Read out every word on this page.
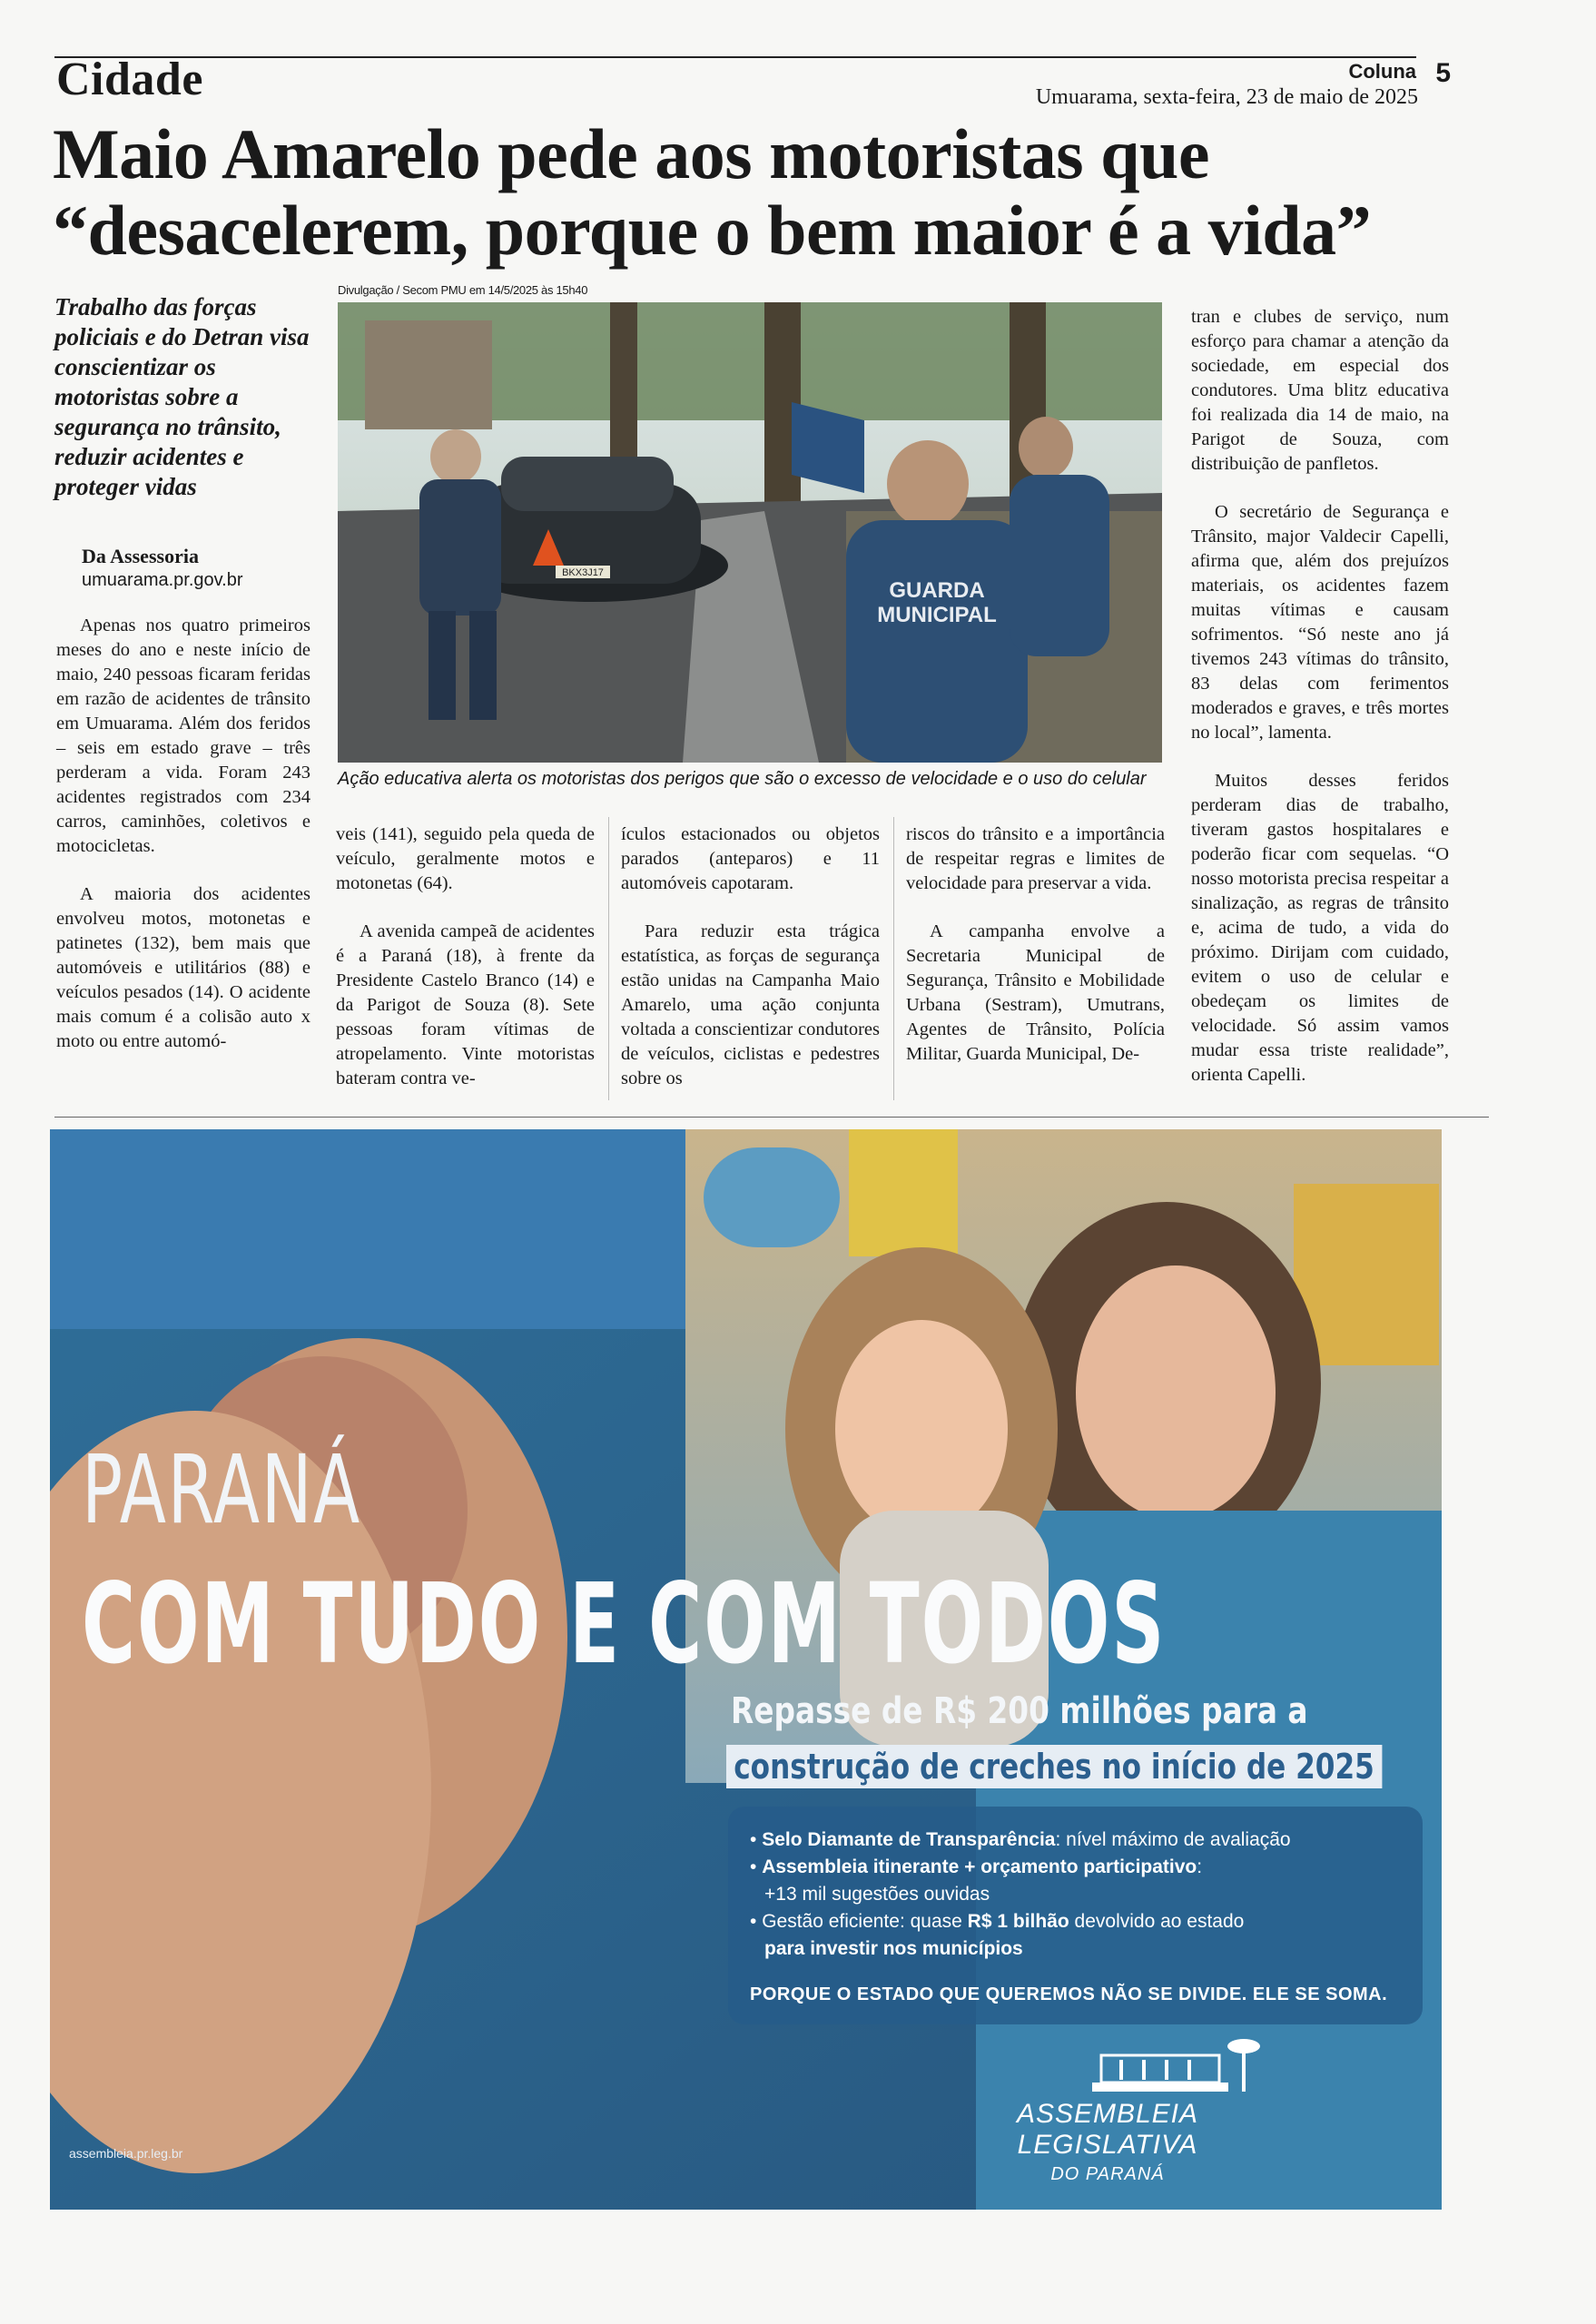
Cidade	Coluna 5
Umuarama, sexta-feira, 23 de maio de 2025
Maio Amarelo pede aos motoristas que
“desacelerem, porque o bem maior é a vida”
Trabalho das forças policiais e do Detran visa conscientizar os motoristas sobre a segurança no trânsito, reduzir acidentes e proteger vidas
Da Assessoria
umuarama.pr.gov.br

Apenas nos quatro primeiros meses do ano e neste início de maio, 240 pessoas ficaram feridas em razão de acidentes de trânsito em Umuarama. Além dos feridos – seis em estado grave – três perderam a vida. Foram 243 acidentes registrados com 234 carros, caminhões, coletivos e motocicletas.

A maioria dos acidentes envolveu motos, motonetas e patinetes (132), bem mais que automóveis e utilitários (88) e veículos pesados (14). O acidente mais comum é a colisão auto x moto ou entre automó-

Divulgação / Secom PMU em 14/5/2025 às 15h40
GUARDA
MUNICIPAL
BKX3J17
Ação educativa alerta os motoristas dos perigos que são o excesso de velocidade e o uso do celular

veis (141), seguido pela queda de veículo, geralmente motos e motonetas (64).

A avenida campeã de acidentes é a Paraná (18), à frente da Presidente Castelo Branco (14) e da Parigot de Souza (8). Sete pessoas foram vítimas de atropelamento. Vinte motoristas bateram contra ve-

ículos estacionados ou objetos parados (anteparos) e 11 automóveis capotaram.

Para reduzir esta trágica estatística, as forças de segurança estão unidas na Campanha Maio Amarelo, uma ação conjunta voltada a conscientizar condutores de veículos, ciclistas e pedestres sobre os

riscos do trânsito e a importância de respeitar regras e limites de velocidade para preservar a vida.

A campanha envolve a Secretaria Municipal de Segurança, Trânsito e Mobilidade Urbana (Sestram), Umutrans, Agentes de Trânsito, Polícia Militar, Guarda Municipal, De-

tran e clubes de serviço, num esforço para chamar a atenção da sociedade, em especial dos condutores. Uma blitz educativa foi realizada dia 14 de maio, na Parigot de Souza, com distribuição de panfletos.

O secretário de Segurança e Trânsito, major Valdecir Capelli, afirma que, além dos prejuízos materiais, os acidentes fazem muitas vítimas e causam sofrimentos. “Só neste ano já tivemos 243 vítimas do trânsito, 83 delas com ferimentos moderados e graves, e três mortes no local”, lamenta.

Muitos desses feridos perderam dias de trabalho, tiveram gastos hospitalares e poderão ficar com sequelas. “O nosso motorista precisa respeitar a sinalização, as regras de trânsito e, acima de tudo, a vida do próximo. Dirijam com cuidado, evitem o uso de celular e obedeçam os limites de velocidade. Só assim vamos mudar essa triste realidade”, orienta Capelli.

PARANÁ
COM TUDO E COM TODOS
Repasse de R$ 200 milhões para a
construção de creches no início de 2025
• Selo Diamante de Transparência: nível máximo de avaliação
• Assembleia itinerante + orçamento participativo:
+13 mil sugestões ouvidas
• Gestão eficiente: quase R$ 1 bilhão devolvido ao estado
para investir nos municípios
PORQUE O ESTADO QUE QUEREMOS NÃO SE DIVIDE. ELE SE SOMA.
ASSEMBLEIA
LEGISLATIVA
DO PARANÁ
assembleia.pr.leg.br
